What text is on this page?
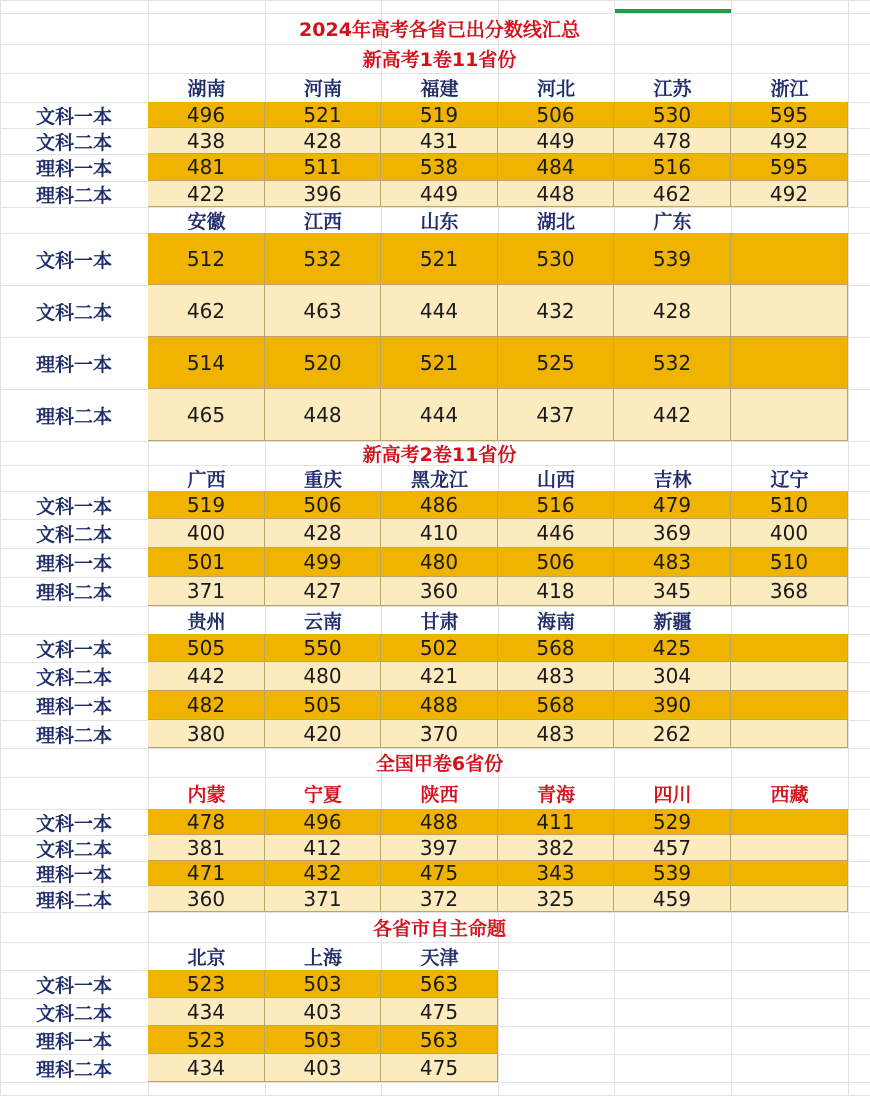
2024年高考各省已出分数线汇总
新高考1卷11省份
湖南	河南	福建	河北	江苏	浙江
文科一本	496	521	519	506	530	595
文科二本	438	428	431	449	478	492
理科一本	481	511	538	484	516	595
理科二本	422	396	449	448	462	492
安徽	江西	山东	湖北	广东
文科一本	512	532	521	530	539
文科二本	462	463	444	432	428
理科一本	514	520	521	525	532
理科二本	465	448	444	437	442
新高考2卷11省份
广西	重庆	黑龙江	山西	吉林	辽宁
文科一本	519	506	486	516	479	510
文科二本	400	428	410	446	369	400
理科一本	501	499	480	506	483	510
理科二本	371	427	360	418	345	368
贵州	云南	甘肃	海南	新疆
文科一本	505	550	502	568	425
文科二本	442	480	421	483	304
理科一本	482	505	488	568	390
理科二本	380	420	370	483	262
全国甲卷6省份
内蒙	宁夏	陕西	青海	四川	西藏
文科一本	478	496	488	411	529
文科二本	381	412	397	382	457
理科一本	471	432	475	343	539
理科二本	360	371	372	325	459
各省市自主命题
北京	上海	天津
文科一本	523	503	563
文科二本	434	403	475
理科一本	523	503	563
理科二本	434	403	475
